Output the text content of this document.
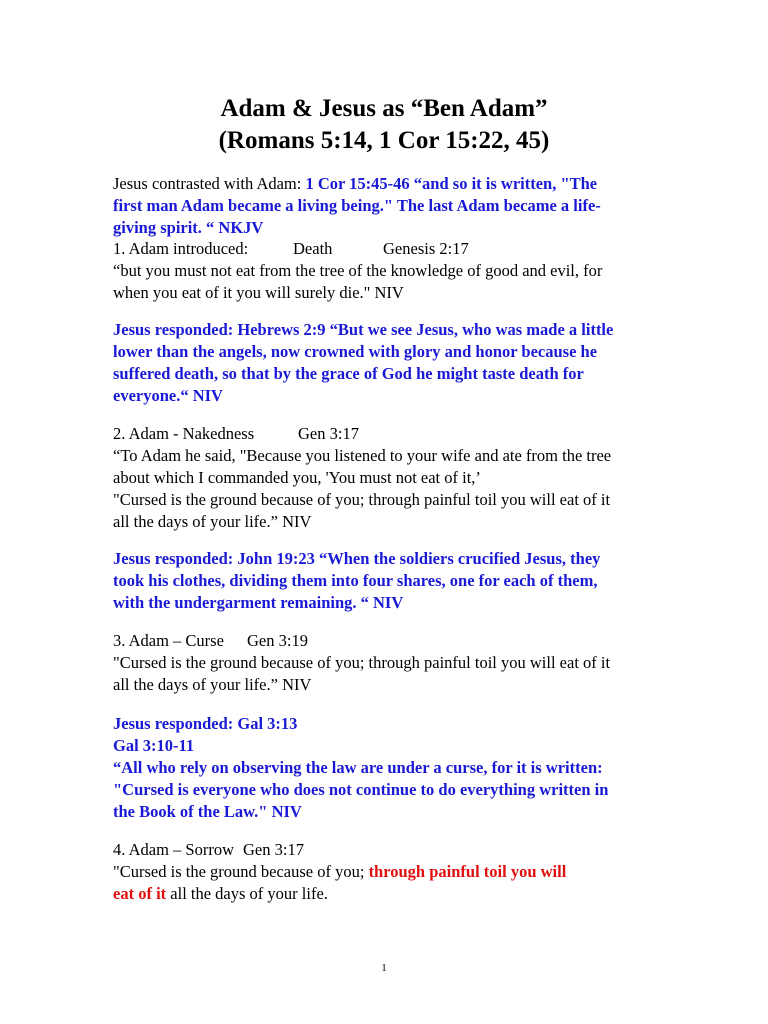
Adam & Jesus as “Ben Adam”
(Romans 5:14, 1 Cor 15:22, 45)

Jesus contrasted with Adam: 1 Cor 15:45-46 “and so it is written, "The

first man Adam became a living being." The last Adam became a life-

giving spirit. “ NKJV

1. Adam introduced:	Death	Genesis 2:17

“but you must not eat from the tree of the knowledge of good and evil, for

when you eat of it you will surely die." NIV

Jesus responded: Hebrews 2:9 “But we see Jesus, who was made a little

lower than the angels, now crowned with glory and honor because he

suffered death, so that by the grace of God he might taste death for

everyone.“ NIV

2. Adam - Nakedness	Gen 3:17

“To Adam he said, "Because you listened to your wife and ate from the tree

about which I commanded you, 'You must not eat of it,’

"Cursed is the ground because of you; through painful toil you will eat of it

all the days of your life.” NIV

Jesus responded: John 19:23 “When the soldiers crucified Jesus, they

took his clothes, dividing them into four shares, one for each of them,

with the undergarment remaining. “ NIV

3. Adam – Curse Gen 3:19

"Cursed is the ground because of you; through painful toil you will eat of it

all the days of your life.” NIV

Jesus responded: Gal 3:13

Gal 3:10-11

“All who rely on observing the law are under a curse, for it is written:

"Cursed is everyone who does not continue to do everything written in

the Book of the Law." NIV

4. Adam – Sorrow Gen 3:17

"Cursed is the ground because of you; through painful toil you will

eat of it all the days of your life.

1
